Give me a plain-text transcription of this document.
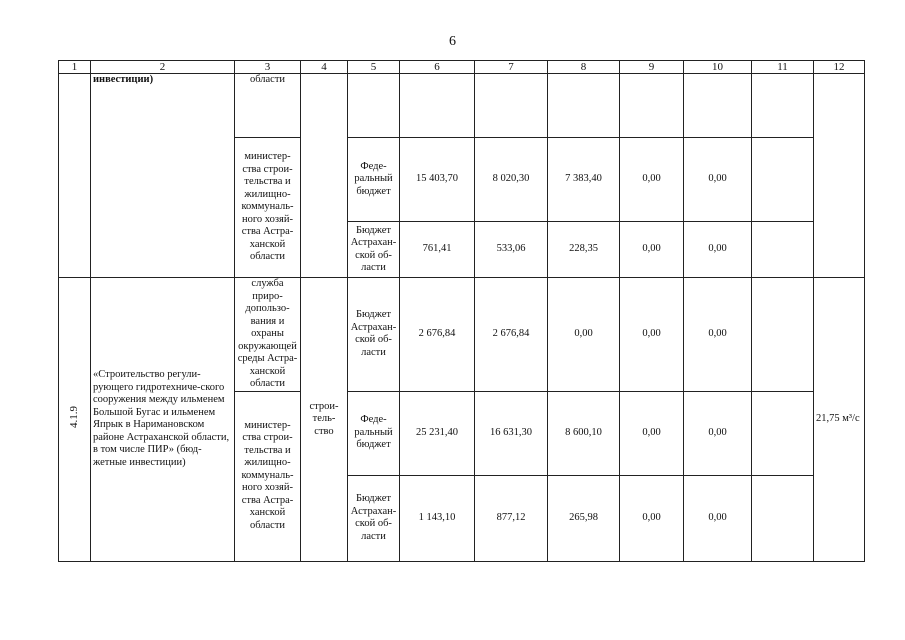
6
1	2	3	4	5	6	7	8	9	10	11	12
	инвестиции)	области									
		министер-ства строи-тельства и жилищно-коммуналь-ного хозяй-ства Астра-ханской области		Феде-ральный бюджет	15 403,70	8 020,30	7 383,40	0,00	0,00		
				Бюджет Астрахан-ской об-ласти	761,41	533,06	228,35	0,00	0,00		
4.1.9	«Строительство регули-рующего гидротехниче-ского сооружения между ильменем Большой Бугас и ильменем Япрык в Наримановском районе Астраханской области, в том числе ПИР» (бюд-жетные инвестиции)	служба приро-допользо-вания и охраны окружающей среды Астра-ханской области	строи-тель-ство	Бюджет Астрахан-ской об-ласти	2 676,84	2 676,84	0,00	0,00	0,00		21,75 м³/с
		министер-ства строи-тельства и жилищно-коммуналь-ного хозяй-ства Астра-ханской области		Феде-ральный бюджет	25 231,40	16 631,30	8 600,10	0,00	0,00		
				Бюджет Астрахан-ской об-ласти	1 143,10	877,12	265,98	0,00	0,00		
